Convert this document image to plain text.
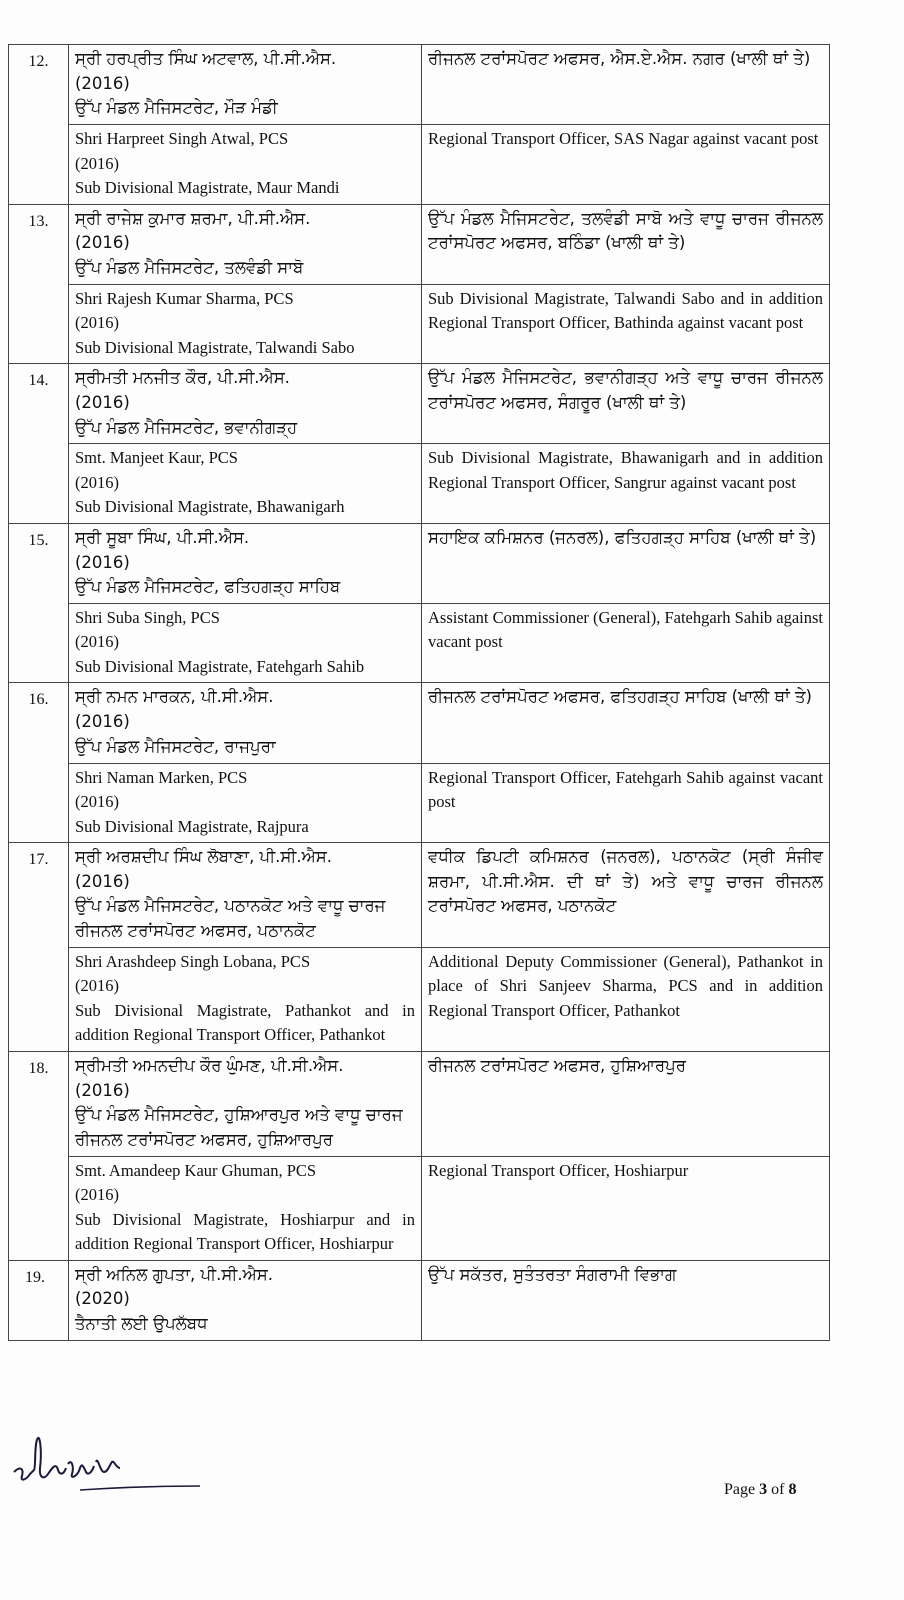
12.	ਸ੍ਰੀ ਹਰਪ੍ਰੀਤ ਸਿੰਘ ਅਟਵਾਲ, ਪੀ.ਸੀ.ਐਸ.
(2016)
ਉੱਪ ਮੰਡਲ ਮੈਜਿਸਟਰੇਟ, ਮੌੜ ਮੰਡੀ	ਰੀਜਨਲ ਟਰਾਂਸਪੋਰਟ ਅਫਸਰ, ਐਸ.ਏ.ਐਸ. ਨਗਰ (ਖਾਲੀ ਥਾਂ ਤੇ)

	Shri Harpreet Singh Atwal, PCS
(2016)
Sub Divisional Magistrate, Maur Mandi	Regional Transport Officer, SAS Nagar against vacant post
13.	ਸ੍ਰੀ ਰਾਜੇਸ਼ ਕੁਮਾਰ ਸ਼ਰਮਾ, ਪੀ.ਸੀ.ਐਸ.
(2016)
ਉੱਪ ਮੰਡਲ ਮੈਜਿਸਟਰੇਟ, ਤਲਵੰਡੀ ਸਾਬੋ	ਉੱਪ ਮੰਡਲ ਮੈਜਿਸਟਰੇਟ, ਤਲਵੰਡੀ ਸਾਬੋ ਅਤੇ ਵਾਧੂ ਚਾਰਜ ਰੀਜਨਲ ਟਰਾਂਸਪੋਰਟ ਅਫਸਰ, ਬਠਿੰਡਾ (ਖਾਲੀ ਥਾਂ ਤੇ)

	Shri Rajesh Kumar Sharma, PCS
(2016)
Sub Divisional Magistrate, Talwandi Sabo	Sub Divisional Magistrate, Talwandi Sabo and in addition Regional Transport Officer, Bathinda against vacant post
14.	ਸ੍ਰੀਮਤੀ ਮਨਜੀਤ ਕੌਰ, ਪੀ.ਸੀ.ਐਸ.
(2016)
ਉੱਪ ਮੰਡਲ ਮੈਜਿਸਟਰੇਟ, ਭਵਾਨੀਗੜ੍ਹ	ਉੱਪ ਮੰਡਲ ਮੈਜਿਸਟਰੇਟ, ਭਵਾਨੀਗੜ੍ਹ ਅਤੇ ਵਾਧੂ ਚਾਰਜ ਰੀਜਨਲ ਟਰਾਂਸਪੋਰਟ ਅਫਸਰ, ਸੰਗਰੂਰ (ਖਾਲੀ ਥਾਂ ਤੇ)

	Smt. Manjeet Kaur, PCS
(2016)
Sub Divisional Magistrate, Bhawanigarh	Sub Divisional Magistrate, Bhawanigarh and in addition Regional Transport Officer, Sangrur against vacant post
15.	ਸ੍ਰੀ ਸੂਬਾ ਸਿੰਘ, ਪੀ.ਸੀ.ਐਸ.
(2016)
ਉੱਪ ਮੰਡਲ ਮੈਜਿਸਟਰੇਟ, ਫਤਿਹਗੜ੍ਹ ਸਾਹਿਬ	ਸਹਾਇਕ ਕਮਿਸ਼ਨਰ (ਜਨਰਲ), ਫਤਿਹਗੜ੍ਹ ਸਾਹਿਬ (ਖਾਲੀ ਥਾਂ ਤੇ)

	Shri Suba Singh, PCS
(2016)
Sub Divisional Magistrate, Fatehgarh Sahib	Assistant Commissioner (General), Fatehgarh Sahib against vacant post
16.	ਸ੍ਰੀ ਨਮਨ ਮਾਰਕਨ, ਪੀ.ਸੀ.ਐਸ.
(2016)
ਉੱਪ ਮੰਡਲ ਮੈਜਿਸਟਰੇਟ, ਰਾਜਪੁਰਾ	ਰੀਜਨਲ ਟਰਾਂਸਪੋਰਟ ਅਫਸਰ, ਫਤਿਹਗੜ੍ਹ ਸਾਹਿਬ (ਖਾਲੀ ਥਾਂ ਤੇ)

	Shri Naman Marken, PCS
(2016)
Sub Divisional Magistrate, Rajpura	Regional Transport Officer, Fatehgarh Sahib against vacant post
17.	ਸ੍ਰੀ ਅਰਸ਼ਦੀਪ ਸਿੰਘ ਲੋਬਾਣਾ, ਪੀ.ਸੀ.ਐਸ.
(2016)
ਉੱਪ ਮੰਡਲ ਮੈਜਿਸਟਰੇਟ, ਪਠਾਨਕੋਟ ਅਤੇ ਵਾਧੂ ਚਾਰਜ ਰੀਜਨਲ ਟਰਾਂਸਪੋਰਟ ਅਫਸਰ, ਪਠਾਨਕੋਟ	ਵਧੀਕ ਡਿਪਟੀ ਕਮਿਸ਼ਨਰ (ਜਨਰਲ), ਪਠਾਨਕੋਟ (ਸ੍ਰੀ ਸੰਜੀਵ ਸ਼ਰਮਾ, ਪੀ.ਸੀ.ਐਸ. ਦੀ ਥਾਂ ਤੇ) ਅਤੇ ਵਾਧੂ ਚਾਰਜ ਰੀਜਨਲ ਟਰਾਂਸਪੋਰਟ ਅਫਸਰ, ਪਠਾਨਕੋਟ

	Shri Arashdeep Singh Lobana, PCS
(2016)
Sub Divisional Magistrate, Pathankot and in addition Regional Transport Officer, Pathankot	Additional Deputy Commissioner (General), Pathankot in place of Shri Sanjeev Sharma, PCS and in addition Regional Transport Officer, Pathankot
18.	ਸ੍ਰੀਮਤੀ ਅਮਨਦੀਪ ਕੌਰ ਘੁੰਮਣ, ਪੀ.ਸੀ.ਐਸ.
(2016)
ਉੱਪ ਮੰਡਲ ਮੈਜਿਸਟਰੇਟ, ਹੁਸ਼ਿਆਰਪੁਰ ਅਤੇ ਵਾਧੂ ਚਾਰਜ ਰੀਜਨਲ ਟਰਾਂਸਪੋਰਟ ਅਫਸਰ, ਹੁਸ਼ਿਆਰਪੁਰ	ਰੀਜਨਲ ਟਰਾਂਸਪੋਰਟ ਅਫਸਰ, ਹੁਸ਼ਿਆਰਪੁਰ

	Smt. Amandeep Kaur Ghuman, PCS
(2016)
Sub Divisional Magistrate, Hoshiarpur and in addition Regional Transport Officer, Hoshiarpur	Regional Transport Officer, Hoshiarpur
19.	ਸ੍ਰੀ ਅਨਿਲ ਗੁਪਤਾ, ਪੀ.ਸੀ.ਐਸ.
(2020)
ਤੈਨਾਤੀ ਲਈ ਉਪਲੱਬਧ	ਉੱਪ ਸਕੱਤਰ, ਸੁਤੰਤਰਤਾ ਸੰਗਰਾਮੀ ਵਿਭਾਗ
Page 3 of 8
